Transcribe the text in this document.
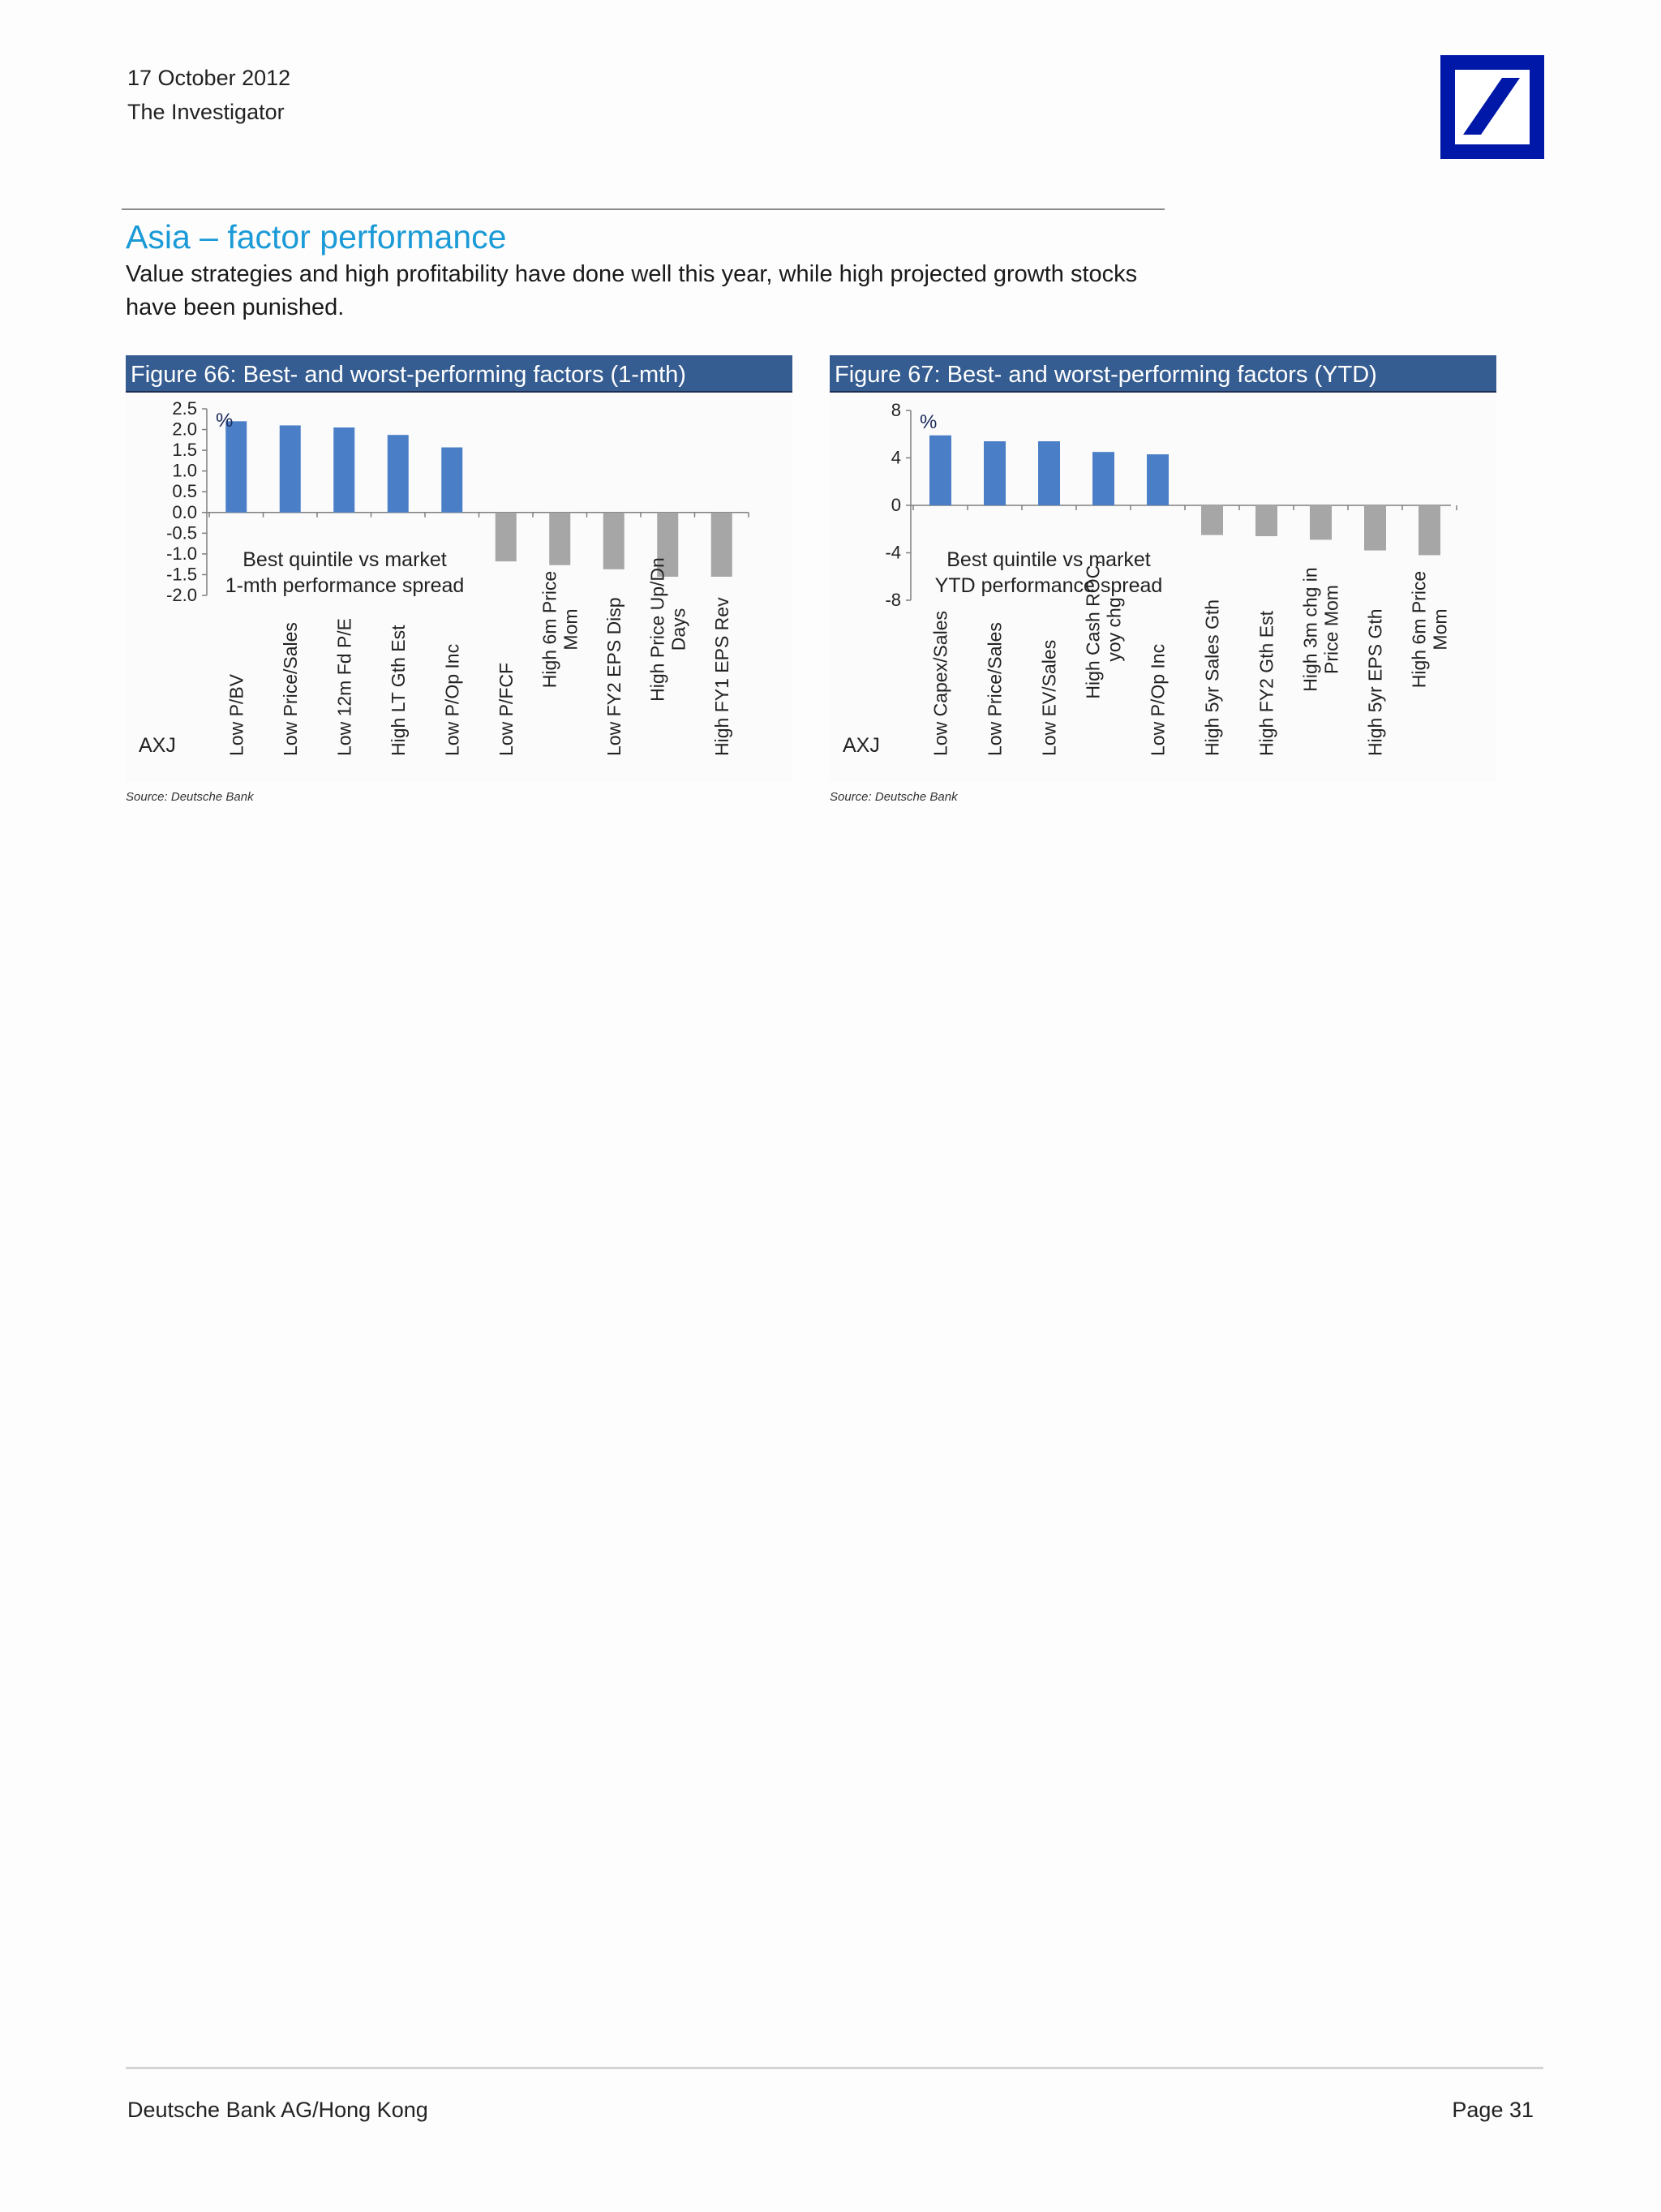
17 October 2012
The Investigator
Asia – factor performance
Value strategies and high profitability have done well this year, while high projected growth stocks have been punished.
Figure 66: Best- and worst-performing factors (1-mth)
2.5
2.0
1.5
1.0
0.5
0.0
-0.5
-1.0
-1.5
-2.0
Low P/BV Low Price/Sales Low 12m Fd P/E High LT Gth Est Low P/Op Inc Low P/FCF
High 6m Price Mom Low FY2 EPS Disp High Price Up/Dn Days High FY1 EPS Rev
%
Best quintile vs market
1-mth performance spread
AXJ
Source: Deutsche Bank
Figure 67: Best- and worst-performing factors (YTD)
8
4
0
-4
-8
Low Capex/Sales Low Price/Sales Low EV/Sales High Cash ROC, yoy chg
Low P/Op Inc High 5yr Sales Gth High FY2 Gth Est High 3m chg in Price Mom High 5yr EPS Gth High 6m Price Mom
%
Best quintile vs market
YTD performance spread
AXJ
Source: Deutsche Bank
Deutsche Bank AG/Hong Kong	Page 31
